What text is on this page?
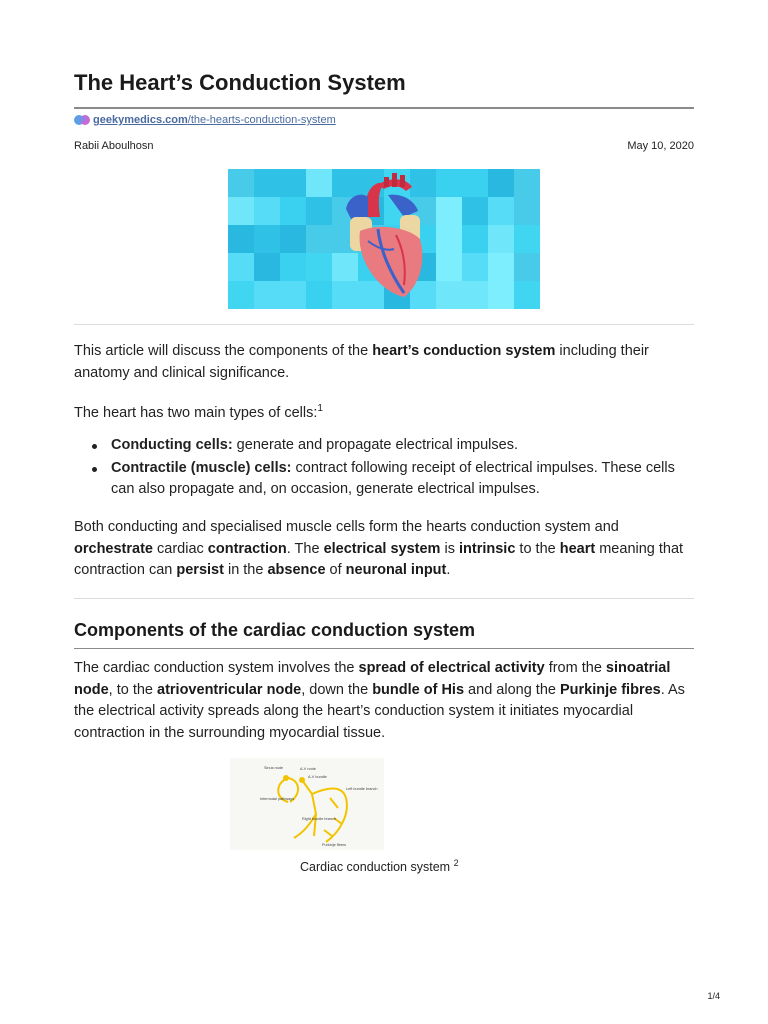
The Heart’s Conduction System
geekymedics.com /the-hearts-conduction-system
Rabii Aboulhosn	May 10, 2020

This article will discuss the components of the heart’s conduction system including their anatomy and clinical significance.

The heart has two main types of cells:$^1$

Conducting cells: generate and propagate electrical impulses.
Contractile (muscle) cells: contract following receipt of electrical impulses. These cells can also propagate and, on occasion, generate electrical impulses.

Both conducting and specialised muscle cells form the hearts conduction system and orchestrate cardiac contraction. The electrical system is intrinsic to the heart meaning that contraction can persist in the absence of neuronal input.

Components of the cardiac conduction system

The cardiac conduction system involves the spread of electrical activity from the sinoatrial node, to the atrioventricular node, down the bundle of His and along the Purkinje fibres. As the electrical activity spreads along the heart’s conduction system it initiates myocardial contraction in the surrounding myocardial tissue.

Sinus node	A-V node
A-V bundle
Internodal pathways
Left bundle branch
Right bundle branch
Purkinje fibers
Cardiac conduction system $^2$
1/4
